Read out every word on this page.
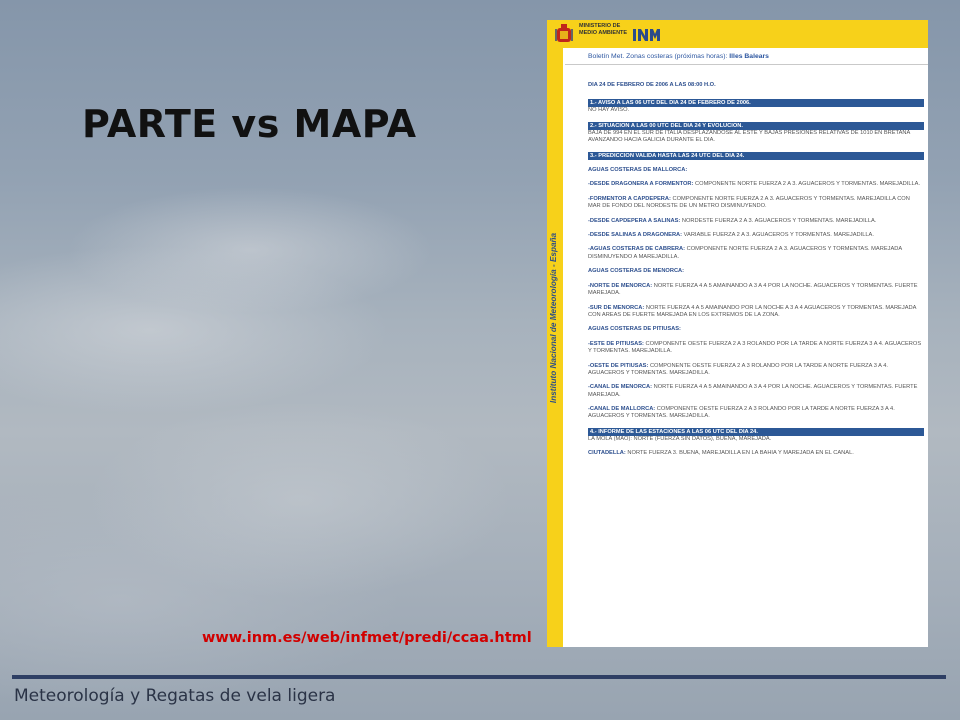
PARTE vs MAPA
MINISTERIO DE MEDIO AMBIENTE
Instituto Nacional de Meteorología - España
Boletín Met. Zonas costeras (próximas horas): Illes Balears
DIA 24 DE FEBRERO DE 2006 A LAS 08:00 H.O.
1.- AVISO A LAS 06 UTC DEL DIA 24 DE FEBRERO DE 2006.
NO HAY AVISO.
2.- SITUACION A LAS 00 UTC DEL DIA 24 Y EVOLUCION.
BAJA DE 994 EN EL SUR DE ITALIA DESPLAZANDOSE AL ESTE Y BAJAS PRESIONES RELATIVAS DE 1010 EN BRETANA AVANZANDO HACIA GALICIA DURANTE EL DIA.
3.- PREDICCION VALIDA HASTA LAS 24 UTC DEL DIA 24.
AGUAS COSTERAS DE MALLORCA:
-DESDE DRAGONERA A FORMENTOR: COMPONENTE NORTE FUERZA 2 A 3. AGUACEROS Y TORMENTAS. MAREJADILLA.
-FORMENTOR A CAPDEPERA: COMPONENTE NORTE FUERZA 2 A 3. AGUACEROS Y TORMENTAS. MAREJADILLA CON MAR DE FONDO DEL NORDESTE DE UN METRO DISMINUYENDO.
-DESDE CAPDEPERA A SALINAS: NORDESTE FUERZA 2 A 3. AGUACEROS Y TORMENTAS. MAREJADILLA.
-DESDE SALINAS A DRAGONERA: VARIABLE FUERZA 2 A 3. AGUACEROS Y TORMENTAS. MAREJADILLA.
-AGUAS COSTERAS DE CABRERA: COMPONENTE NORTE FUERZA 2 A 3. AGUACEROS Y TORMENTAS. MAREJADA DISMINUYENDO A MAREJADILLA.
AGUAS COSTERAS DE MENORCA:
-NORTE DE MENORCA: NORTE FUERZA 4 A 5 AMAINANDO A 3 A 4 POR LA NOCHE. AGUACEROS Y TORMENTAS. FUERTE MAREJADA.
-SUR DE MENORCA: NORTE FUERZA 4 A 5 AMAINANDO POR LA NOCHE A 3 A 4 AGUACEROS Y TORMENTAS. MAREJADA CON AREAS DE FUERTE MAREJADA EN LOS EXTREMOS DE LA ZONA.
AGUAS COSTERAS DE PITIUSAS:
-ESTE DE PITIUSAS: COMPONENTE OESTE FUERZA 2 A 3 ROLANDO POR LA TARDE A NORTE FUERZA 3 A 4. AGUACEROS Y TORMENTAS. MAREJADILLA.
-OESTE DE PITIUSAS: COMPONENTE OESTE FUERZA 2 A 3 ROLANDO POR LA TARDE A NORTE FUERZA 3 A 4. AGUACEROS Y TORMENTAS. MAREJADILLA.
-CANAL DE MENORCA: NORTE FUERZA 4 A 5 AMAINANDO A 3 A 4 POR LA NOCHE. AGUACEROS Y TORMENTAS. FUERTE MAREJADA.
-CANAL DE MALLORCA: COMPONENTE OESTE FUERZA 2 A 3 ROLANDO POR LA TARDE A NORTE FUERZA 3 A 4. AGUACEROS Y TORMENTAS. MAREJADILLA.
4.- INFORME DE LAS ESTACIONES A LAS 06 UTC DEL DIA 24.
LA MOLA (MAO): NORTE (FUERZA SIN DATOS), BUENA, MAREJADA.
CIUTADELLA: NORTE FUERZA 3. BUENA, MAREJADILLA EN LA BAHIA Y MAREJADA EN EL CANAL.
www.inm.es/web/infmet/predi/ccaa.html
Meteorología y Regatas de vela ligera
